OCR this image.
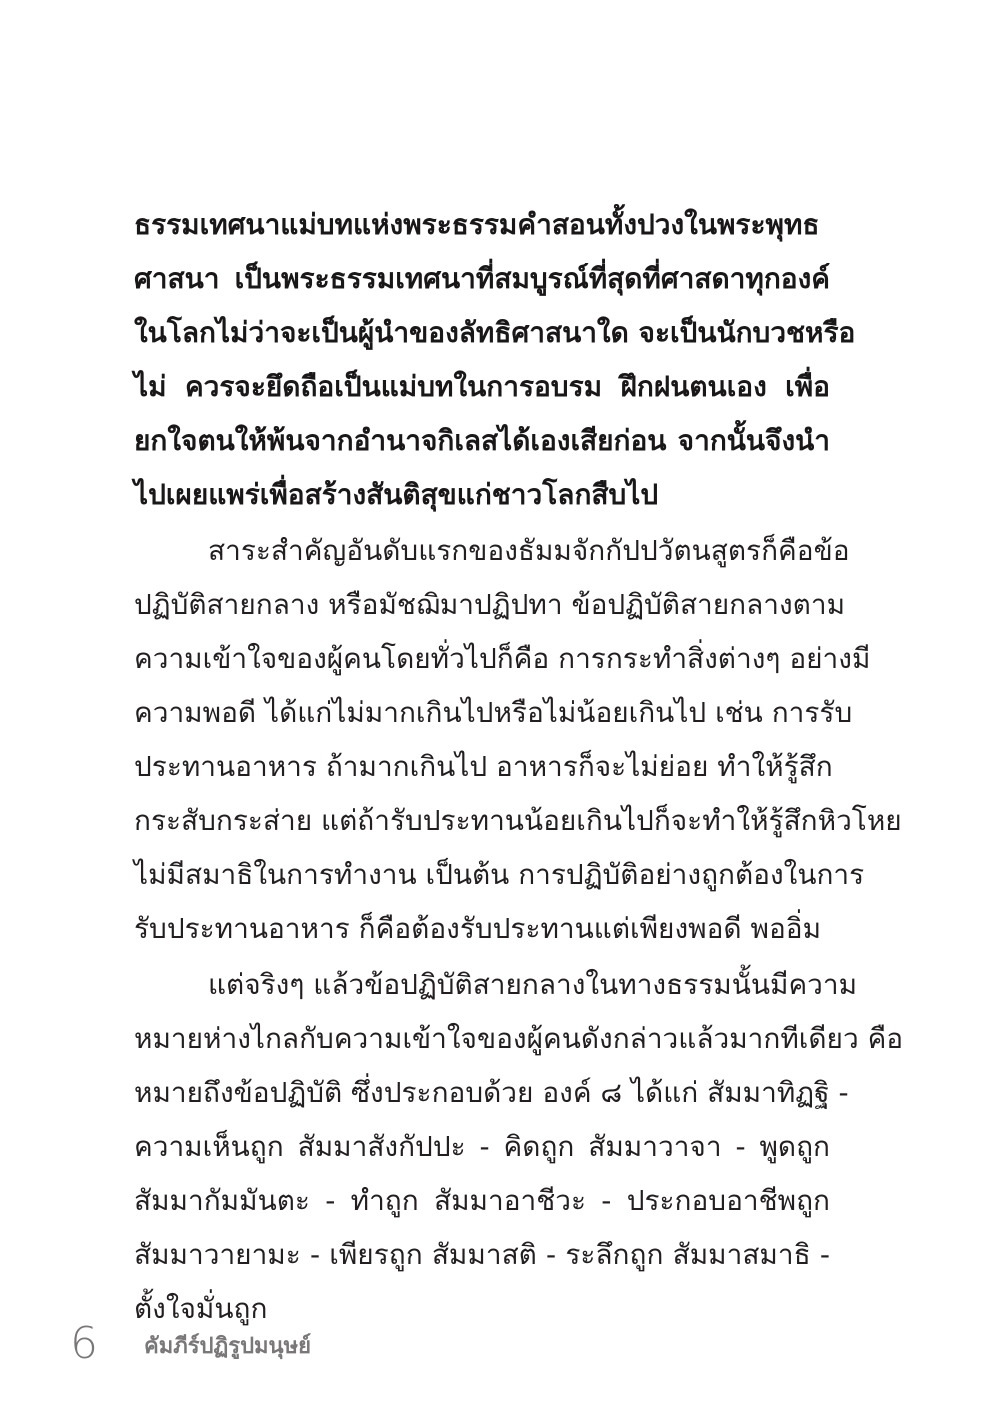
ธรรมเทศนาแม่บทแห่งพระธรรมคำสอนทั้งปวงในพระพุทธ
ศาสนา เป็นพระธรรมเทศนาที่สมบูรณ์ที่สุดที่ศาสดาทุกองค์
ในโลกไม่ว่าจะเป็นผู้นำของลัทธิศาสนาใด จะเป็นนักบวชหรือ
ไม่ ควรจะยึดถือเป็นแม่บทในการอบรม ฝึกฝนตนเอง เพื่อ
ยกใจตนให้พ้นจากอำนาจกิเลสได้เองเสียก่อน จากนั้นจึงนำ
ไปเผยแพร่เพื่อสร้างสันติสุขแก่ชาวโลกสืบไป
สาระสำคัญอันดับแรกของธัมมจักกัปปวัตนสูตรก็คือข้อ
ปฏิบัติสายกลาง หรือมัชฌิมาปฏิปทา ข้อปฏิบัติสายกลางตาม
ความเข้าใจของผู้คนโดยทั่วไปก็คือ การกระทำสิ่งต่างๆ อย่างมี
ความพอดี ได้แก่ไม่มากเกินไปหรือไม่น้อยเกินไป เช่น การรับ
ประทานอาหาร ถ้ามากเกินไป อาหารก็จะไม่ย่อย ทำให้รู้สึก
กระสับกระส่าย แต่ถ้ารับประทานน้อยเกินไปก็จะทำให้รู้สึกหิวโหย
ไม่มีสมาธิในการทำงาน เป็นต้น การปฏิบัติอย่างถูกต้องในการ
รับประทานอาหาร ก็คือต้องรับประทานแต่เพียงพอดี พออิ่ม
แต่จริงๆ แล้วข้อปฏิบัติสายกลางในทางธรรมนั้นมีความ
หมายห่างไกลกับความเข้าใจของผู้คนดังกล่าวแล้วมากทีเดียว คือ
หมายถึงข้อปฏิบัติ ซึ่งประกอบด้วย องค์ ๘ ได้แก่ สัมมาทิฏฐิ -
ความเห็นถูก สัมมาสังกัปปะ - คิดถูก สัมมาวาจา - พูดถูก
สัมมากัมมันตะ - ทำถูก สัมมาอาชีวะ - ประกอบอาชีพถูก
สัมมาวายามะ - เพียรถูก สัมมาสติ - ระลึกถูก สัมมาสมาธิ -
ตั้งใจมั่นถูก
6 คัมภีร์ปฏิรูปมนุษย์
